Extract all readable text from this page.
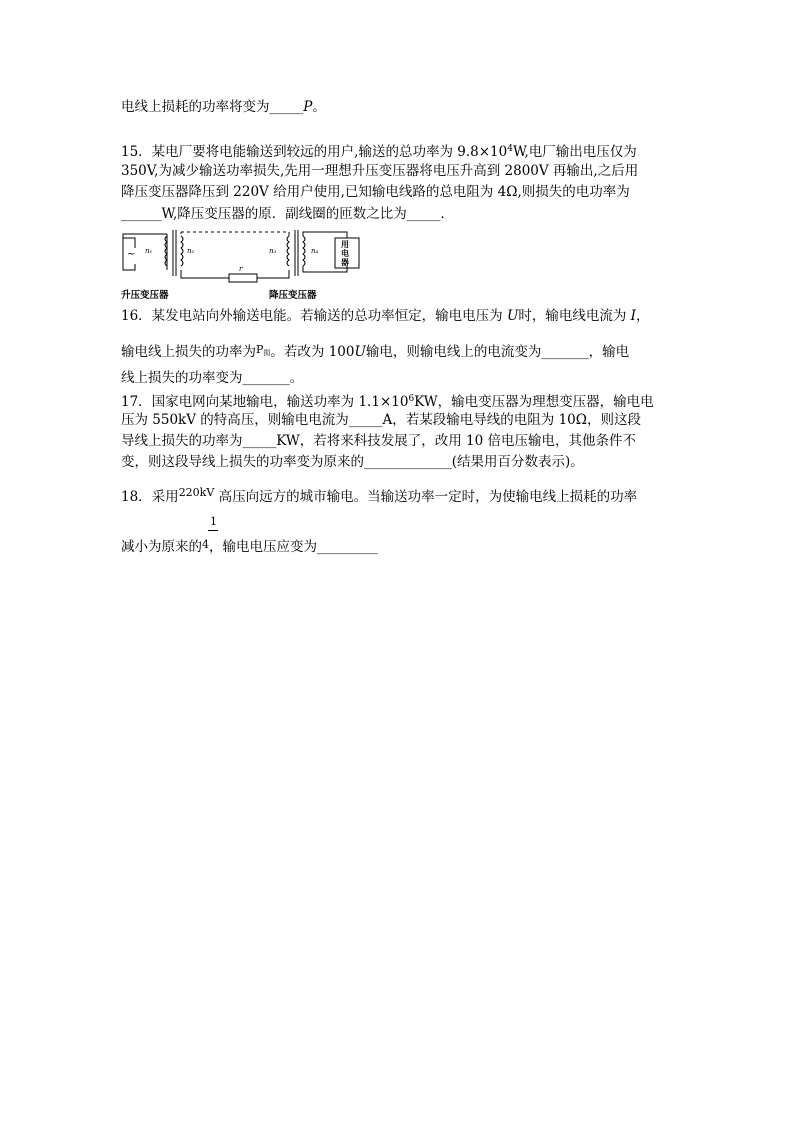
电线上损耗的功率将变为_____P。
15．某电厂要将电能输送到较远的用户,输送的总功率为 $9.8\times 10^4W$,电厂输出电压仅为
350V,为减少输送功率损失,先用一理想升压变压器将电压升高到 2800V 再输出,之后用
降压变压器降压到 220V 给用户使用,已知输电线路的总电阻为 4Ω,则损失的电功率为
______W,降压变压器的原．副线圈的匝数之比为_____．
~ n₁	n₂	n₃	n₄
r
用
电
器
升压变压器	降压变压器
16．某发电站向外输送电能。若输送的总功率恒定，输电电压为 U时，输电线电流为 I，
输电线上损失的功率为$^P$损。若改为 100U输电，则输电线上的电流变为_______，输电
线上损失的功率变为_______。
17．国家电网向某地输电，输送功率为 $1.1\times 10^6KW$，输电变压器为理想变压器，输电电
压为 550kV 的特高压，则输电电流为_____A，若某段输电导线的电阻为 10Ω，则这段
导线上损失的功率为_____KW，若将来科技发展了，改用 10 倍电压输电，其他条件不
变，则这段导线上损失的功率变为原来的_____________(结果用百分数表示)。
18．采用$^{220kV}$ 高压向远方的城市输电。当输送功率一定时，为使输电线上损耗的功率
1
减小为原来的$^4$，输电电压应变为_________
